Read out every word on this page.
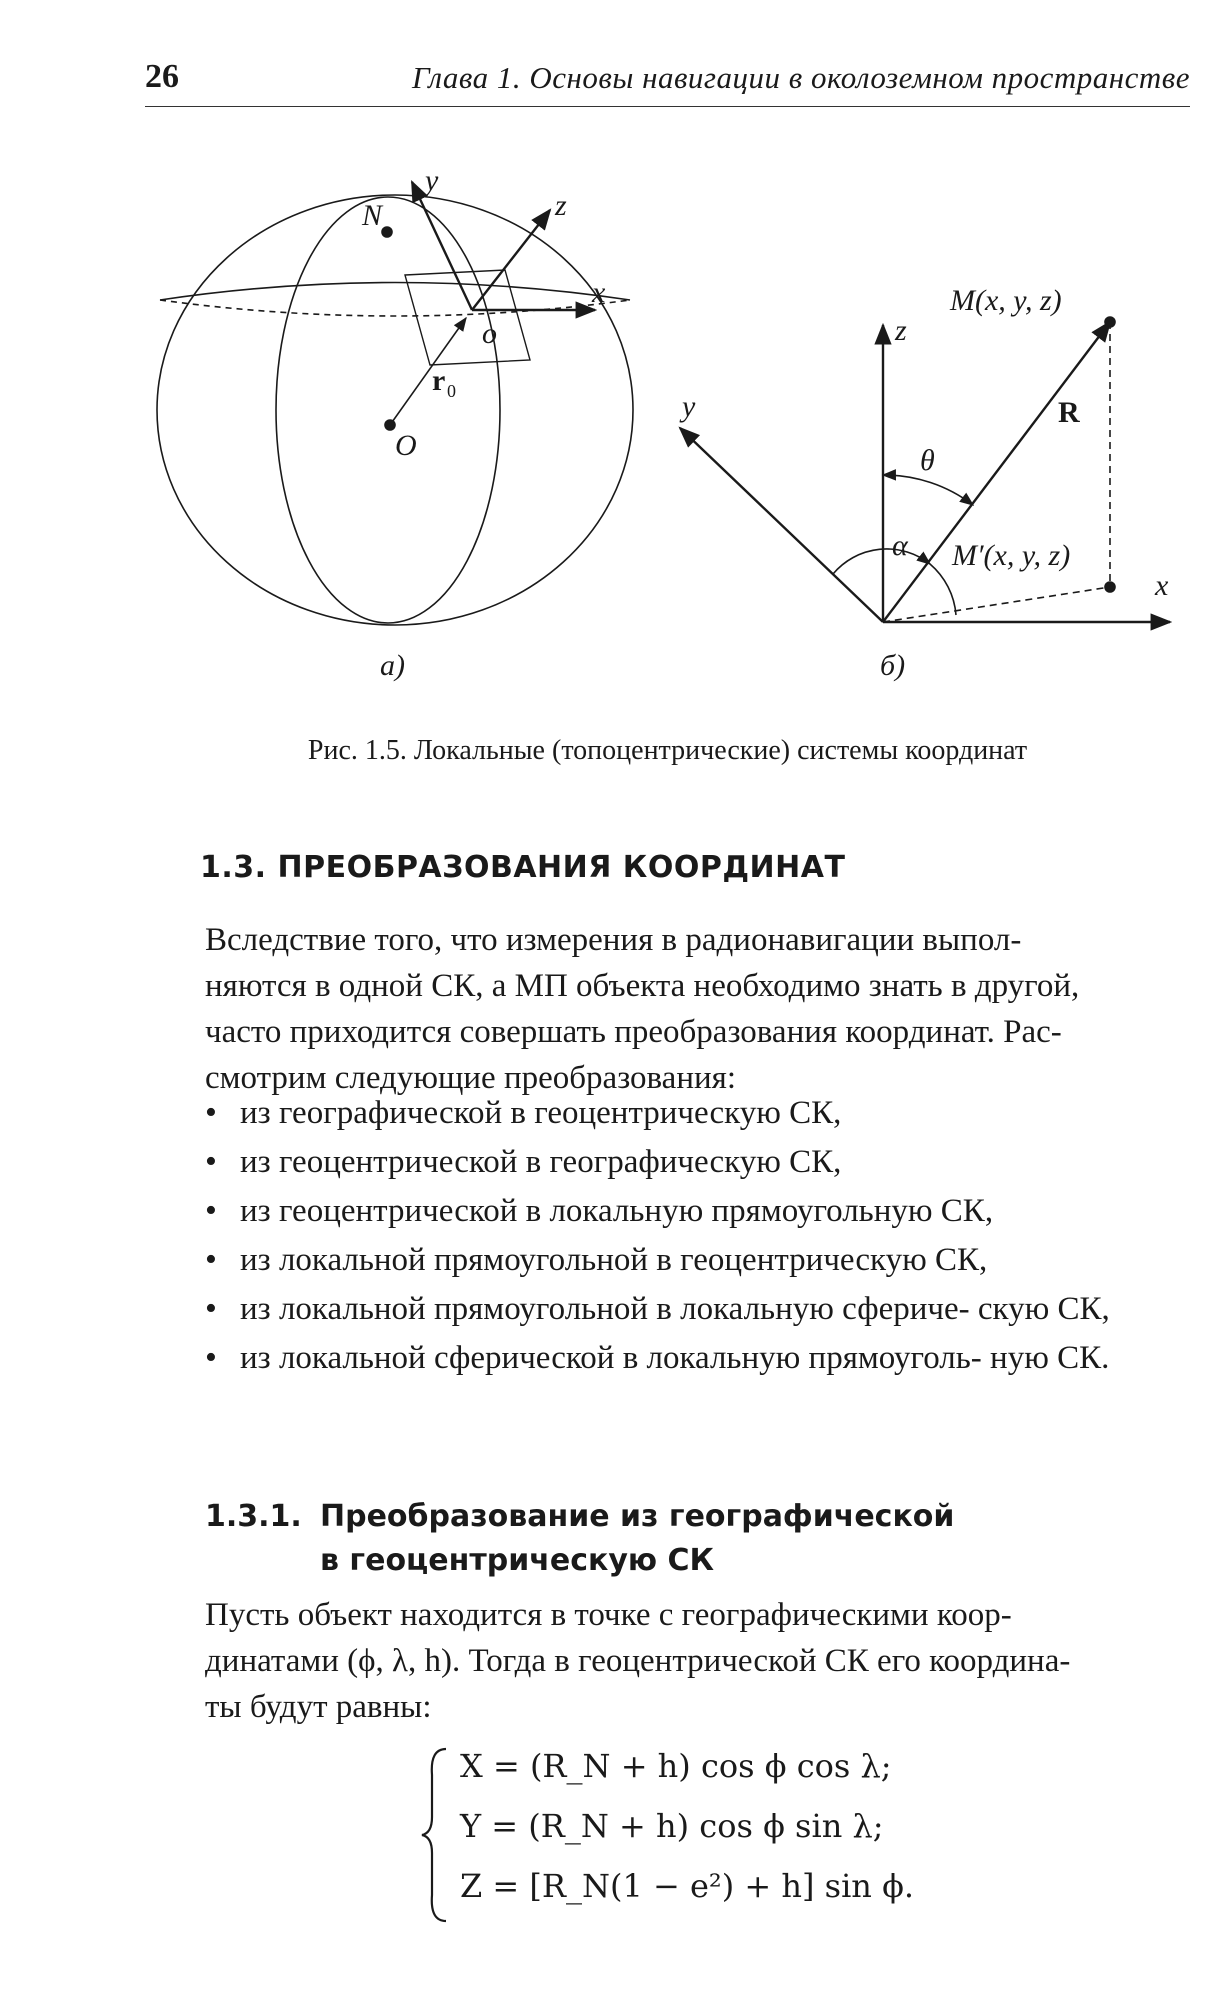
26	Глава 1. Основы навигации в околоземном пространстве
N
y
z
x
o
O
r 0
а)
M(x, y, z)
M′(x, y, z)
R
z
y
x
θ
α
б)
Рис. 1.5. Локальные (топоцентрические) системы координат
1.3. ПРЕОБРАЗОВАНИЯ КООРДИНАТ
Вследствие того, что измерения в радионавигации выпол-
няются в одной СК, а МП объекта необходимо знать в другой,
часто приходится совершать преобразования координат. Рас-
смотрим следующие преобразования:
• из географической в геоцентрическую СК,
• из геоцентрической в географическую СК,
• из геоцентрической в локальную прямоугольную СК,
• из локальной прямоугольной в геоцентрическую СК,
• из локальной прямоугольной в локальную сфериче- скую СК,
• из локальной сферической в локальную прямоуголь- ную СК.
1.3.1. Преобразование из географической
в геоцентрическую СК
Пусть объект находится в точке с географическими коор-
динатами (ϕ, λ, h). Тогда в геоцентрической СК его координа-
ты будут равны:
X = (R_N + h) cos ϕ cos λ;
Y = (R_N + h) cos ϕ sin λ;
Z = [R_N(1 − e²) + h] sin ϕ.
